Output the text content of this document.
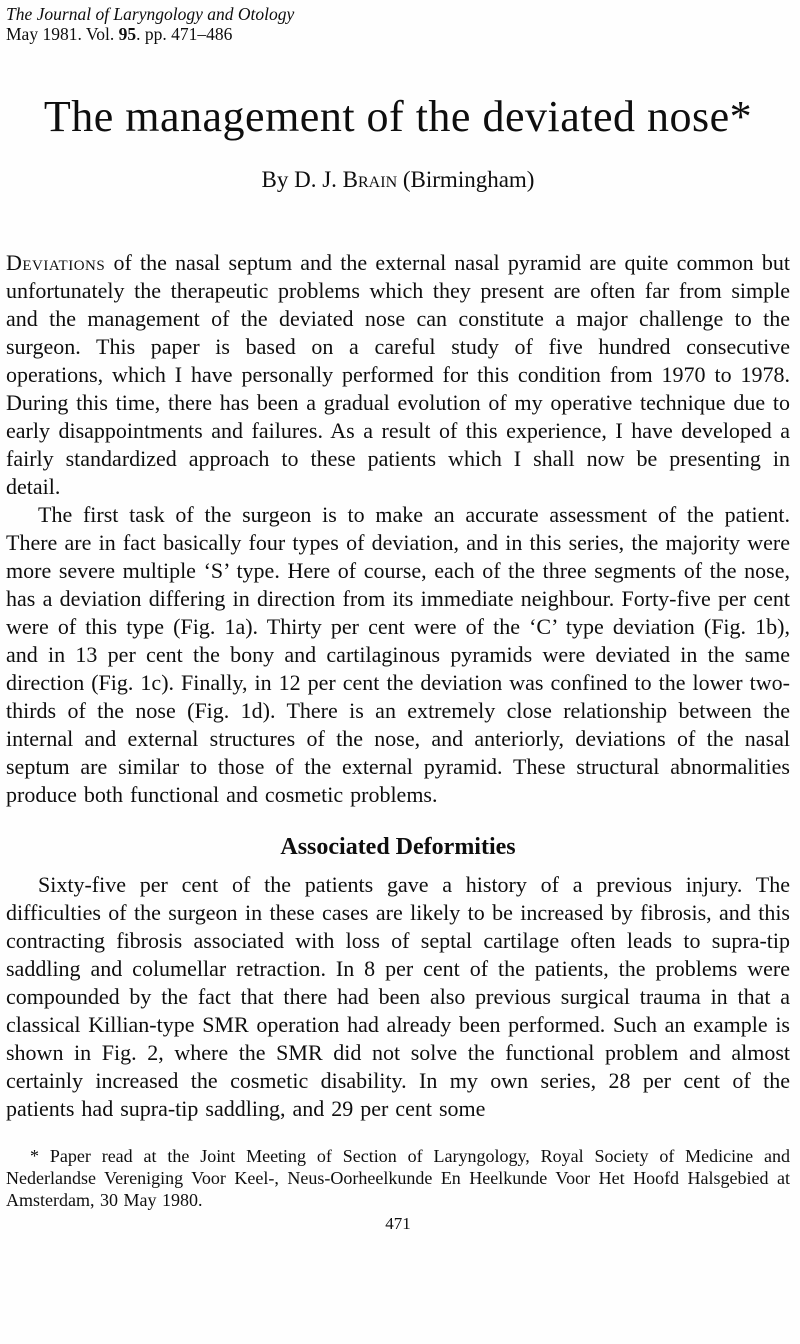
The Journal of Laryngology and Otology
May 1981. Vol. 95. pp. 471–486
The management of the deviated nose*
By D. J. Brain (Birmingham)

Deviations of the nasal septum and the external nasal pyramid are quite common but unfortunately the therapeutic problems which they present are often far from simple and the management of the deviated nose can constitute a major challenge to the surgeon. This paper is based on a careful study of five hundred consecutive operations, which I have personally performed for this condition from 1970 to 1978. During this time, there has been a gradual evolution of my operative technique due to early disappointments and failures. As a result of this experience, I have developed a fairly standardized approach to these patients which I shall now be presenting in detail.

The first task of the surgeon is to make an accurate assessment of the patient. There are in fact basically four types of deviation, and in this series, the majority were more severe multiple ‘S’ type. Here of course, each of the three segments of the nose, has a deviation differing in direction from its immediate neighbour. Forty-five per cent were of this type (Fig. 1a). Thirty per cent were of the ‘C’ type deviation (Fig. 1b), and in 13 per cent the bony and cartilaginous pyramids were deviated in the same direction (Fig. 1c). Finally, in 12 per cent the deviation was confined to the lower two-thirds of the nose (Fig. 1d). There is an extremely close relationship between the internal and external structures of the nose, and anteriorly, deviations of the nasal septum are similar to those of the external pyramid. These structural abnormalities produce both functional and cosmetic problems.

Associated Deformities

Sixty-five per cent of the patients gave a history of a previous injury. The difficulties of the surgeon in these cases are likely to be increased by fibrosis, and this contracting fibrosis associated with loss of septal cartilage often leads to supra-tip saddling and columellar retraction. In 8 per cent of the patients, the problems were compounded by the fact that there had been also previous surgical trauma in that a classical Killian-type SMR operation had already been performed. Such an example is shown in Fig. 2, where the SMR did not solve the functional problem and almost certainly increased the cosmetic disability. In my own series, 28 per cent of the patients had supra-tip saddling, and 29 per cent some

* Paper read at the Joint Meeting of Section of Laryngology, Royal Society of Medicine and Nederlandse Vereniging Voor Keel-, Neus-Oorheelkunde En Heelkunde Voor Het Hoofd Halsgebied at Amsterdam, 30 May 1980.

471
